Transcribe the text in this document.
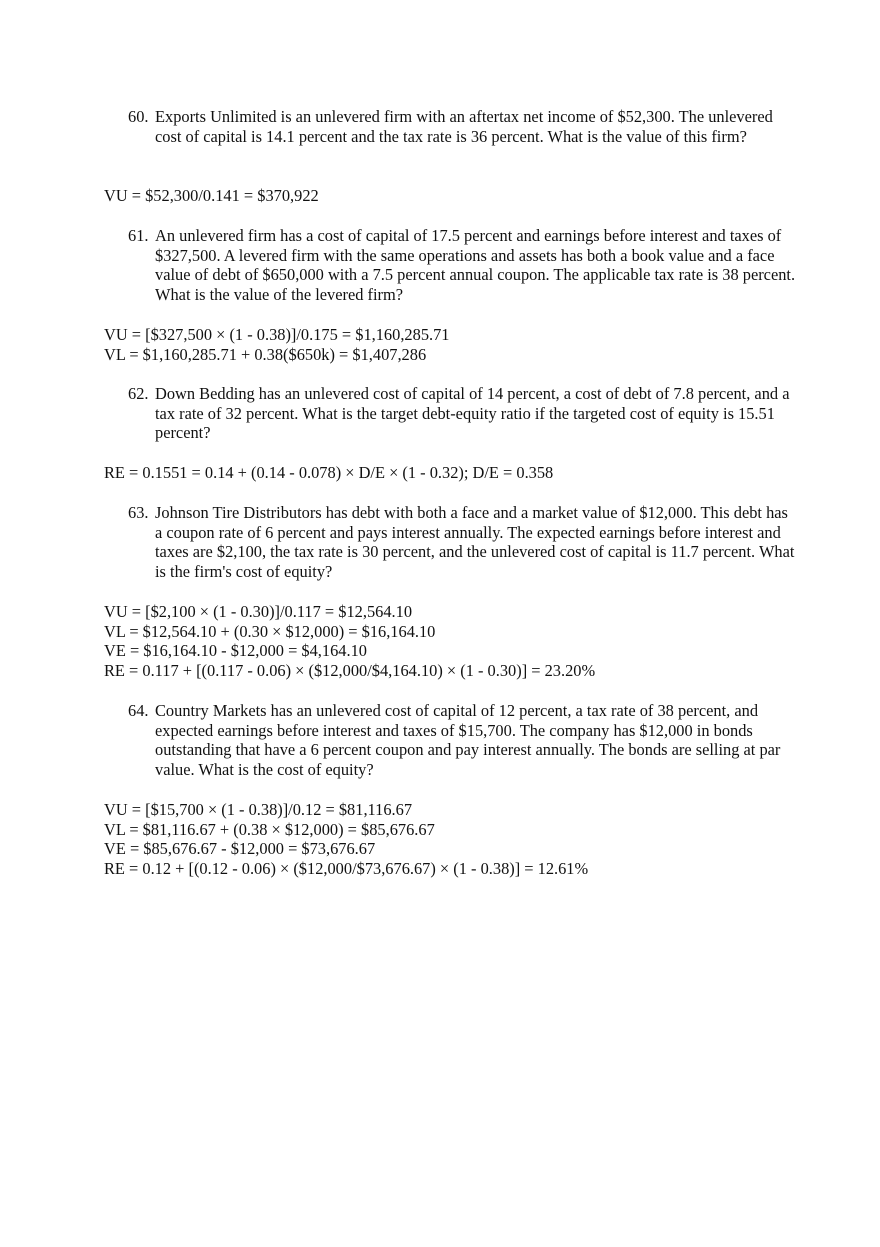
60. Exports Unlimited is an unlevered firm with an aftertax net income of $52,300. The unlevered cost of capital is 14.1 percent and the tax rate is 36 percent. What is the value of this firm?

VU = $52,300/0.141 = $370,922

61. An unlevered firm has a cost of capital of 17.5 percent and earnings before interest and taxes of $327,500. A levered firm with the same operations and assets has both a book value and a face value of debt of $650,000 with a 7.5 percent annual coupon. The applicable tax rate is 38 percent. What is the value of the levered firm?

VU = [$327,500 × (1 - 0.38)]/0.175 = $1,160,285.71
VL = $1,160,285.71 + 0.38($650k) = $1,407,286

62. Down Bedding has an unlevered cost of capital of 14 percent, a cost of debt of 7.8 percent, and a tax rate of 32 percent. What is the target debt-equity ratio if the targeted cost of equity is 15.51 percent?

RE = 0.1551 = 0.14 + (0.14 - 0.078) × D/E × (1 - 0.32); D/E = 0.358

63. Johnson Tire Distributors has debt with both a face and a market value of $12,000. This debt has a coupon rate of 6 percent and pays interest annually. The expected earnings before interest and taxes are $2,100, the tax rate is 30 percent, and the unlevered cost of capital is 11.7 percent. What is the firm's cost of equity?

VU = [$2,100 × (1 - 0.30)]/0.117 = $12,564.10
VL = $12,564.10 + (0.30 × $12,000) = $16,164.10
VE = $16,164.10 - $12,000 = $4,164.10
RE = 0.117 + [(0.117 - 0.06) × ($12,000/$4,164.10) × (1 - 0.30)] = 23.20%

64. Country Markets has an unlevered cost of capital of 12 percent, a tax rate of 38 percent, and expected earnings before interest and taxes of $15,700. The company has $12,000 in bonds outstanding that have a 6 percent coupon and pay interest annually. The bonds are selling at par value. What is the cost of equity?

VU = [$15,700 × (1 - 0.38)]/0.12 = $81,116.67
VL = $81,116.67 + (0.38 × $12,000) = $85,676.67
VE = $85,676.67 - $12,000 = $73,676.67
RE = 0.12 + [(0.12 - 0.06) × ($12,000/$73,676.67) × (1 - 0.38)] = 12.61%
